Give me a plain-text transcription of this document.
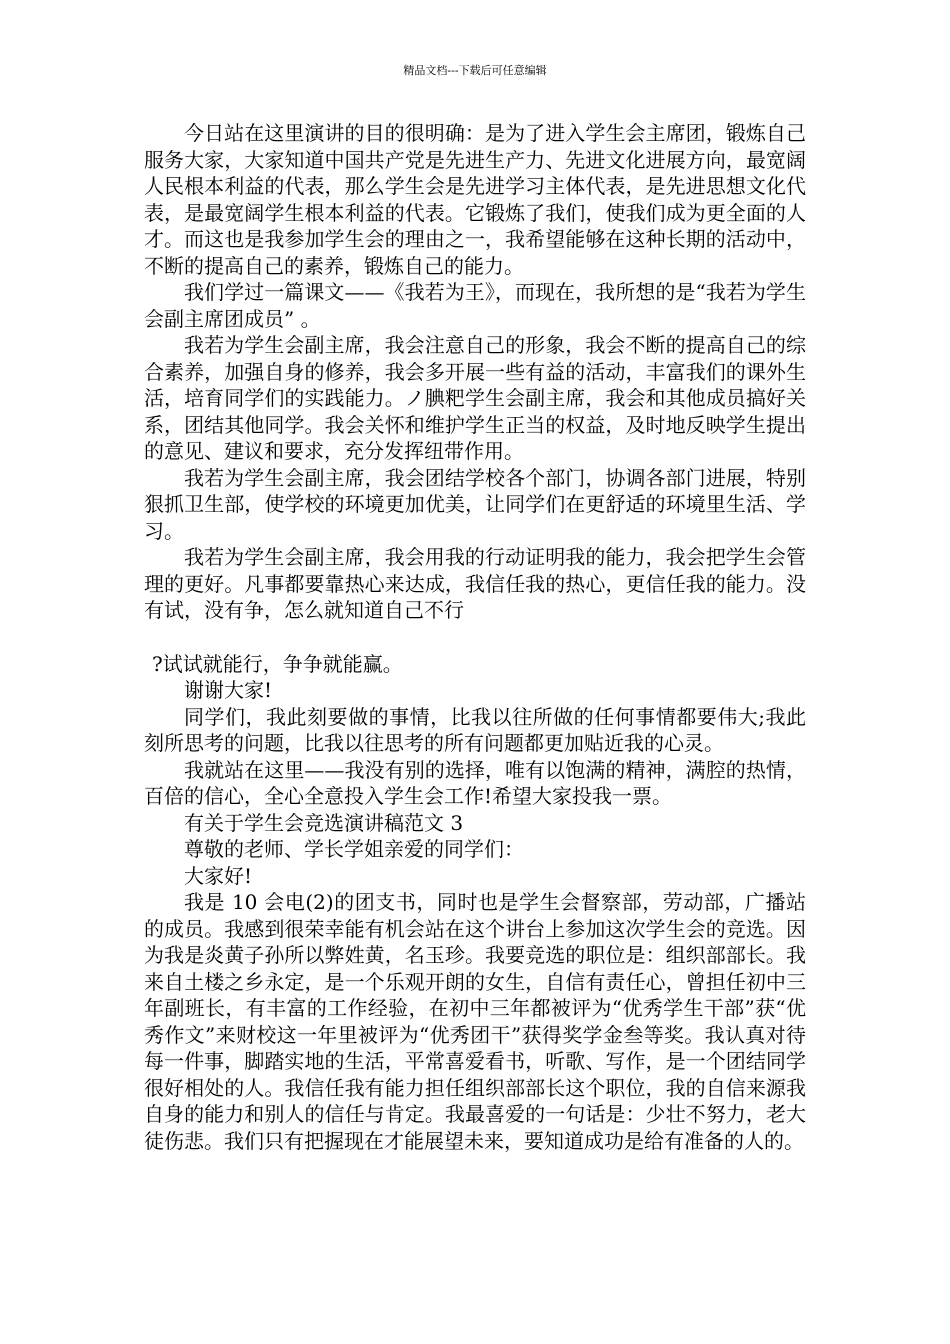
精品文档---下载后可任意编辑

今日站在这里演讲的目的很明确：是为了进入学生会主席团，锻炼自己服务大家，大家知道中国共产党是先进生产力、先进文化进展方向，最宽阔人民根本利益的代表，那么学生会是先进学习主体代表，是先进思想文化代表，是最宽阔学生根本利益的代表。它锻炼了我们，使我们成为更全面的人才。而这也是我参加学生会的理由之一，我希望能够在这种长期的活动中，不断的提高自己的素养，锻炼自己的能力。

我们学过一篇课文——《我若为王》，而现在，我所想的是“我若为学生会副主席团成员” 。

我若为学生会副主席，我会注意自己的形象，我会不断的提高自己的综合素养，加强自身的修养，我会多开展一些有益的活动，丰富我们的课外生活，培育同学们的实践能力。ノ腆粑学生会副主席，我会和其他成员搞好关系，团结其他同学。我会关怀和维护学生正当的权益，及时地反映学生提出的意见、建议和要求，充分发挥纽带作用。

我若为学生会副主席，我会团结学校各个部门，协调各部门进展，特别狠抓卫生部，使学校的环境更加优美，让同学们在更舒适的环境里生活、学习。

我若为学生会副主席，我会用我的行动证明我的能力，我会把学生会管理的更好。凡事都要靠热心来达成，我信任我的热心，更信任我的能力。没有试，没有争，怎么就知道自己不行

?试试就能行，争争就能赢。

谢谢大家!

同学们，我此刻要做的事情，比我以往所做的任何事情都要伟大;我此刻所思考的问题，比我以往思考的所有问题都更加贴近我的心灵。

我就站在这里——我没有别的选择，唯有以饱满的精神，满腔的热情，百倍的信心，全心全意投入学生会工作!希望大家投我一票。

有关于学生会竞选演讲稿范文 3

尊敬的老师、学长学姐亲爱的同学们：

大家好!

我是 10 会电(2)的团支书，同时也是学生会督察部，劳动部，广播站的成员。我感到很荣幸能有机会站在这个讲台上参加这次学生会的竞选。因为我是炎黄子孙所以弊姓黄，名玉珍。我要竞选的职位是：组织部部长。我来自土楼之乡永定，是一个乐观开朗的女生，自信有责任心，曾担任初中三年副班长，有丰富的工作经验，在初中三年都被评为“优秀学生干部”获“优秀作文”来财校这一年里被评为“优秀团干”获得奖学金叁等奖。我认真对待每一件事，脚踏实地的生活，平常喜爱看书，听歌、写作，是一个团结同学很好相处的人。我信任我有能力担任组织部部长这个职位，我的自信来源我自身的能力和别人的信任与肯定。我最喜爱的一句话是：少壮不努力，老大徒伤悲。我们只有把握现在才能展望未来，要知道成功是给有准备的人的。
